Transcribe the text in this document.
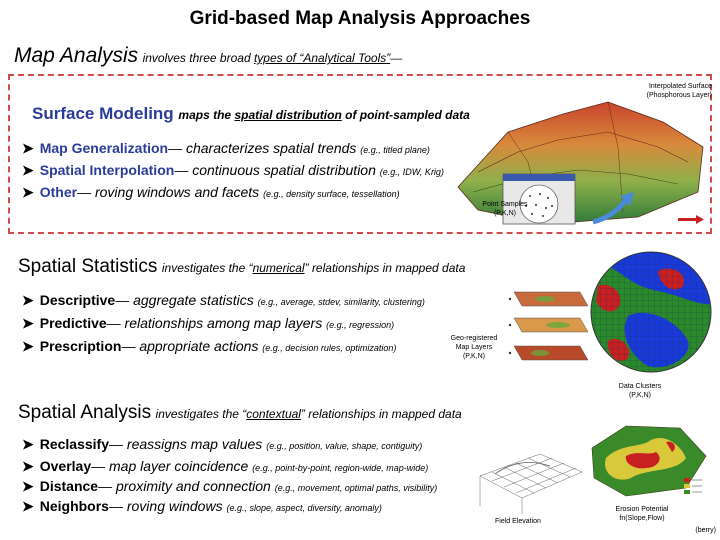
Grid-based Map Analysis Approaches
Map Analysis involves three broad types of “Analytical Tools”—
Interpolated Surface
(Phosphorous Layer)
Point Samples
(P,K,N)
Surface Modeling maps the spatial distribution of point-sampled data
➤ Map Generalization— characterizes spatial trends (e.g., titled plane)
➤ Spatial Interpolation— continuous spatial distribution (e.g., IDW, Krig)
➤ Other— roving windows and facets (e.g., density surface, tessellation)
Spatial Statistics investigates the “numerical” relationships in mapped data
➤ Descriptive— aggregate statistics (e.g., average, stdev, similarity, clustering)
➤ Predictive— relationships among map layers (e.g., regression)
➤ Prescription— appropriate actions (e.g., decision rules, optimization)
Geo-registered
Map Layers
(P,K,N)
Data Clusters
(P,K,N)
Spatial Analysis investigates the “contextual” relationships in mapped data
➤ Reclassify— reassigns map values (e.g., position, value, shape, contiguity)
➤ Overlay— map layer coincidence (e.g., point-by-point, region-wide, map-wide)
➤ Distance— proximity and connection (e.g., movement, optimal paths, visibility)
➤ Neighbors— roving windows (e.g., slope, aspect, diversity, anomaly)
Field Elevation
Erosion Potential
fn(Slope,Flow)
(berry)
